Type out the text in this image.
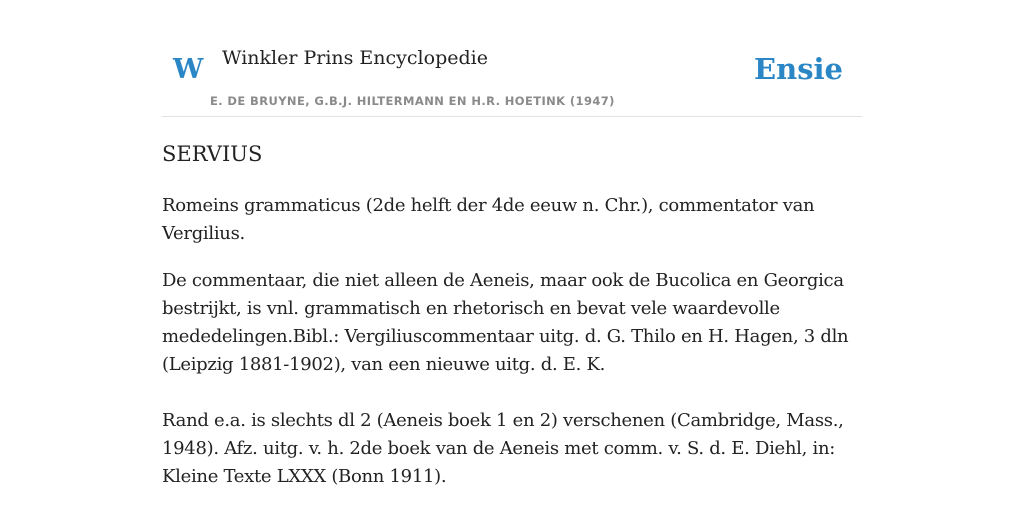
W Winkler Prins Encyclopedie
E. DE BRUYNE, G.B.J. HILTERMANN EN H.R. HOETINK (1947)
Ensie
SERVIUS

Romeins grammaticus (2de helft der 4de eeuw n. Chr.), commentator van Vergilius.

De commentaar, die niet alleen de Aeneis, maar ook de Bucolica en Georgica bestrijkt, is vnl. grammatisch en rhetorisch en bevat vele waardevolle mededelingen.Bibl.: Vergiliuscommentaar uitg. d. G. Thilo en H. Hagen, 3 dln (Leipzig 1881-1902), van een nieuwe uitg. d. E. K.

Rand e.a. is slechts dl 2 (Aeneis boek 1 en 2) verschenen (Cambridge, Mass., 1948). Afz. uitg. v. h. 2de boek van de Aeneis met comm. v. S. d. E. Diehl, in: Kleine Texte LXXX (Bonn 1911).
